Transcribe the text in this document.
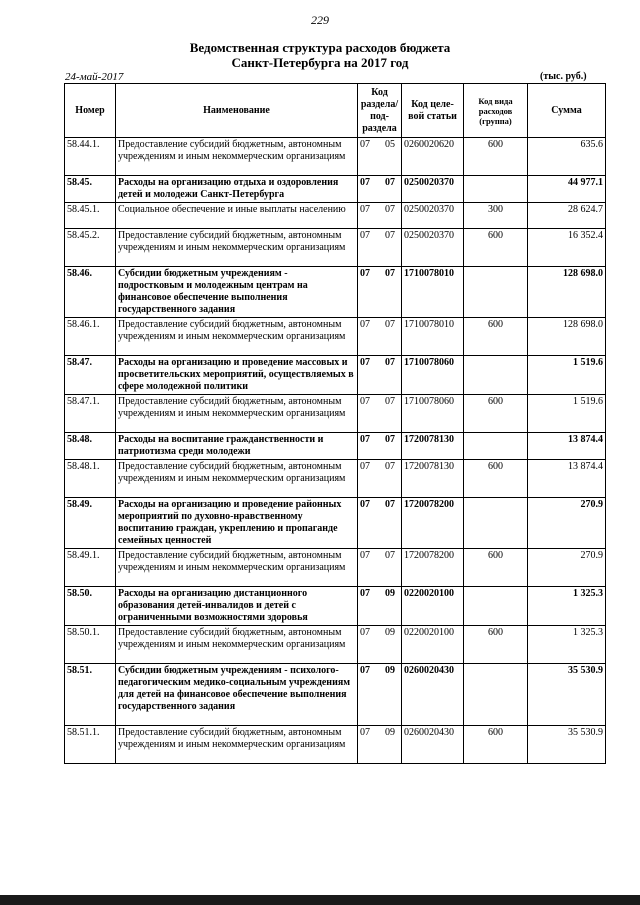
229
Ведомственная структура расходов бюджета
Санкт-Петербурга на 2017 год
24-май-2017	(тыс. руб.)
Номер	Наименование	Код раздела/ под-раздела	Код целе-вой статьи	Код вида расходов (группа)	Сумма
58.44.1.	Предоставление субсидий бюджетным, автономным учреждениям и иным некоммерческим организациям	07 05	0260020620	600	635.6
58.45.	Расходы на организацию отдыха и оздоровления детей и молодежи Санкт-Петербурга	07 07	0250020370		44 977.1
58.45.1.	Социальное обеспечение и иные выплаты населению	07 07	0250020370	300	28 624.7
58.45.2.	Предоставление субсидий бюджетным, автономным учреждениям и иным некоммерческим организациям	07 07	0250020370	600	16 352.4
58.46.	Субсидии бюджетным учреждениям - подростковым и молодежным центрам на финансовое обеспечение выполнения государственного задания	07 07	1710078010		128 698.0
58.46.1.	Предоставление субсидий бюджетным, автономным учреждениям и иным некоммерческим организациям	07 07	1710078010	600	128 698.0
58.47.	Расходы на организацию и проведение массовых и просветительских мероприятий, осуществляемых в сфере молодежной политики	07 07	1710078060		1 519.6
58.47.1.	Предоставление субсидий бюджетным, автономным учреждениям и иным некоммерческим организациям	07 07	1710078060	600	1 519.6
58.48.	Расходы на воспитание гражданственности и патриотизма среди молодежи	07 07	1720078130		13 874.4
58.48.1.	Предоставление субсидий бюджетным, автономным учреждениям и иным некоммерческим организациям	07 07	1720078130	600	13 874.4
58.49.	Расходы на организацию и проведение районных мероприятий по духовно-нравственному воспитанию граждан, укреплению и пропаганде семейных ценностей	07 07	1720078200		270.9
58.49.1.	Предоставление субсидий бюджетным, автономным учреждениям и иным некоммерческим организациям	07 07	1720078200	600	270.9
58.50.	Расходы на организацию дистанционного образования детей-инвалидов и детей с ограниченными возможностями здоровья	07 09	0220020100		1 325.3
58.50.1.	Предоставление субсидий бюджетным, автономным учреждениям и иным некоммерческим организациям	07 09	0220020100	600	1 325.3
58.51.	Субсидии бюджетным учреждениям - психолого-педагогическим медико-социальным учреждениям для детей на финансовое обеспечение выполнения государственного задания	07 09	0260020430		35 530.9
58.51.1.	Предоставление субсидий бюджетным, автономным учреждениям и иным некоммерческим организациям	07 09	0260020430	600	35 530.9
